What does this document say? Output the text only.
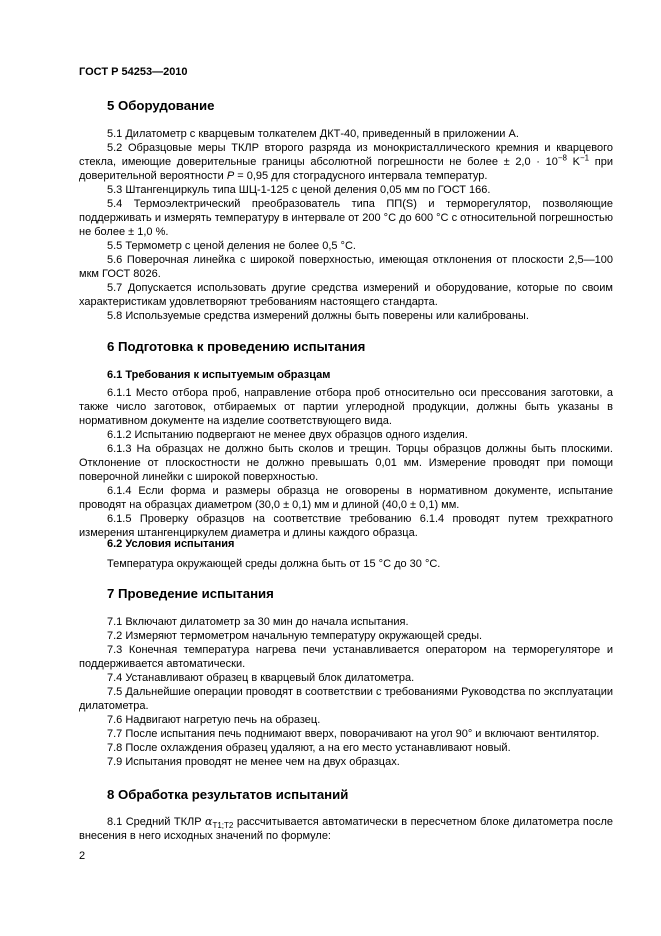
ГОСТ Р 54253—2010
5 Оборудование

5.1 Дилатометр с кварцевым толкателем ДКТ-40, приведенный в приложении А.

5.2 Образцовые меры ТКЛР второго разряда из монокристаллического кремния и кварцевого стекла, имеющие доверительные границы абсолютной погрешности не более ± $2,0 \cdot 10^{-8}$ $K^{-1}$ при доверительной вероятности P = 0,95 для стоградусного интервала температур.

5.3 Штангенциркуль типа ШЦ-1-125 с ценой деления 0,05 мм по ГОСТ 166.

5.4 Термоэлектрический преобразователь типа ПП(S) и терморегулятор, позволяющие поддерживать и измерять температуру в интервале от 200 °С до 600 °С с относительной погрешностью не более ± 1,0 %.

5.5 Термометр с ценой деления не более 0,5 °С.

5.6 Поверочная линейка с широкой поверхностью, имеющая отклонения от плоскости 2,5—100 мкм ГОСТ 8026.

5.7 Допускается использовать другие средства измерений и оборудование, которые по своим характеристикам удовлетворяют требованиям настоящего стандарта.

5.8 Используемые средства измерений должны быть поверены или калиброваны.

6 Подготовка к проведению испытания
6.1 Требования к испытуемым образцам

6.1.1 Место отбора проб, направление отбора проб относительно оси прессования заготовки, а также число заготовок, отбираемых от партии углеродной продукции, должны быть указаны в нормативном документе на изделие соответствующего вида.

6.1.2 Испытанию подвергают не менее двух образцов одного изделия.

6.1.3 На образцах не должно быть сколов и трещин. Торцы образцов должны быть плоскими. Отклонение от плоскостности не должно превышать 0,01 мм. Измерение проводят при помощи поверочной линейки с широкой поверхностью.

6.1.4 Если форма и размеры образца не оговорены в нормативном документе, испытание проводят на образцах диаметром (30,0 ± 0,1) мм и длиной (40,0 ± 0,1) мм.

6.1.5 Проверку образцов на соответствие требованию 6.1.4 проводят путем трехкратного измерения штангенциркулем диаметра и длины каждого образца.

6.2 Условия испытания

Температура окружающей среды должна быть от 15 °С до 30 °С.

7 Проведение испытания

7.1 Включают дилатометр за 30 мин до начала испытания.

7.2 Измеряют термометром начальную температуру окружающей среды.

7.3 Конечная температура нагрева печи устанавливается оператором на терморегуляторе и поддерживается автоматически.

7.4 Устанавливают образец в кварцевый блок дилатометра.

7.5 Дальнейшие операции проводят в соответствии с требованиями Руководства по эксплуатации дилатометра.

7.6 Надвигают нагретую печь на образец.

7.7 После испытания печь поднимают вверх, поворачивают на угол 90° и включают вентилятор.

7.8 После охлаждения образец удаляют, а на его место устанавливают новый.

7.9 Испытания проводят не менее чем на двух образцах.

8 Обработка результатов испытаний

8.1 Средний ТКЛР $\alpha_{T1;T2}$ рассчитывается автоматически в пересчетном блоке дилатометра после внесения в него исходных значений по формуле:

2
